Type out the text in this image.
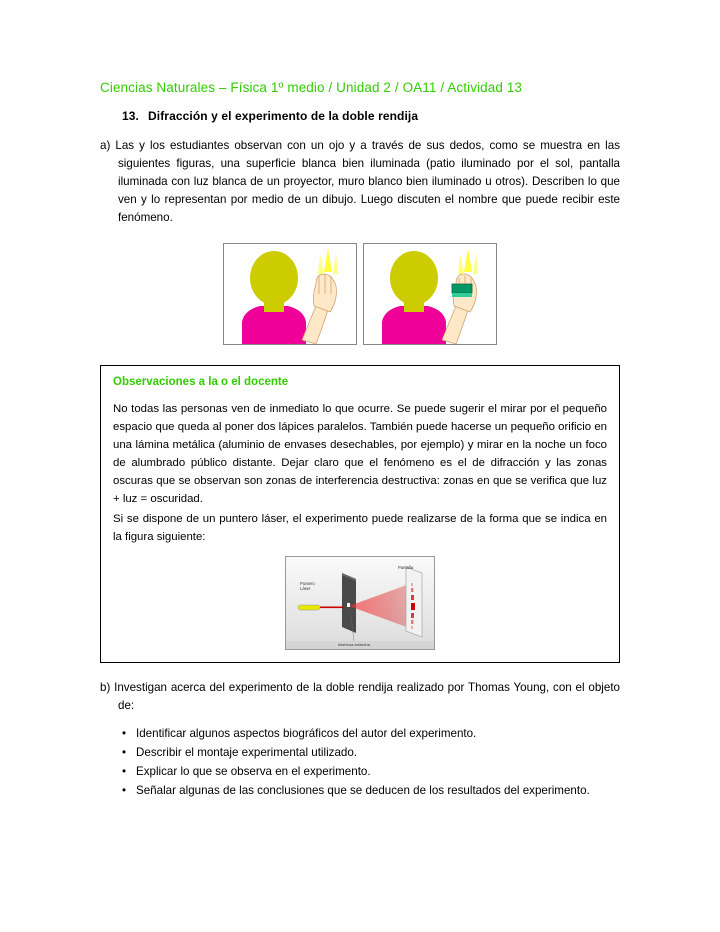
Ciencias Naturales – Física 1º medio / Unidad 2 / OA11 / Actividad 13
13. Difracción y el experimento de la doble rendija
a) Las y los estudiantes observan con un ojo y a través de sus dedos, como se muestra en las siguientes figuras, una superficie blanca bien iluminada (patio iluminado por el sol, pantalla iluminada con luz blanca de un proyector, muro blanco bien iluminado u otros). Describen lo que ven y lo representan por medio de un dibujo. Luego discuten el nombre que puede recibir este fenómeno.
Observaciones a la o el docente

No todas las personas ven de inmediato lo que ocurre. Se puede sugerir el mirar por el pequeño espacio que queda al poner dos lápices paralelos. También puede hacerse un pequeño orificio en una lámina metálica (aluminio de envases desechables, por ejemplo) y mirar en la noche un foco de alumbrado público distante. Dejar claro que el fenómeno es el de difracción y las zonas oscuras que se observan son zonas de interferencia destructiva: zonas en que se verifica que luz + luz = oscuridad.

Si se dispone de un puntero láser, el experimento puede realizarse de la forma que se indica en la figura siguiente:

Puntero
Láser
Pantalla
Abertura estrecha
b) Investigan acerca del experimento de la doble rendija realizado por Thomas Young, con el objeto de:
• Identificar algunos aspectos biográficos del autor del experimento.
• Describir el montaje experimental utilizado.
• Explicar lo que se observa en el experimento.
• Señalar algunas de las conclusiones que se deducen de los resultados del experimento.
